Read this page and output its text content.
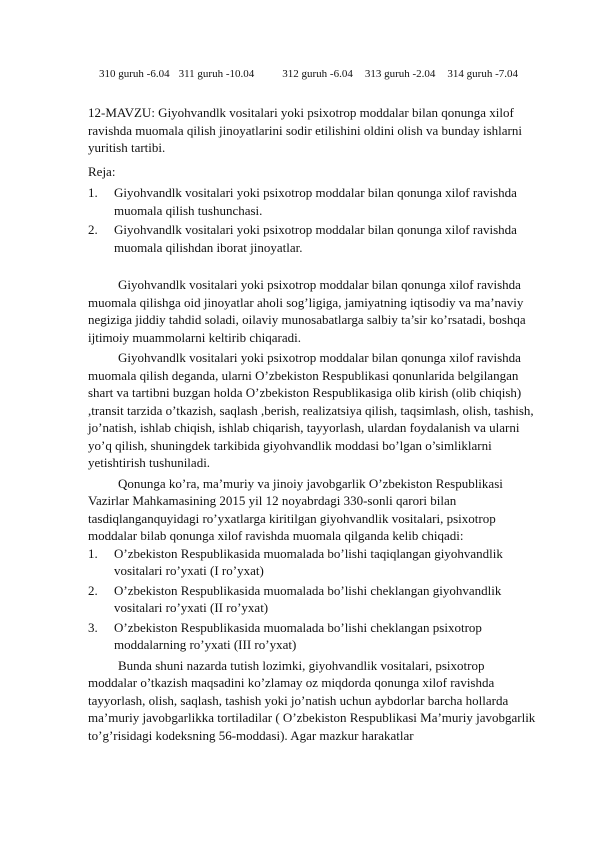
310 guruh -6.04 311 guruh -10.04	312 guruh -6.04 313 guruh -2.04 314 guruh -7.04

12-MAVZU: Giyohvandlk vositalari yoki psixotrop moddalar bilan qonunga xilof ravishda muomala qilish jinoyatlarini sodir etilishini oldini olish va bunday ishlarni yuritish tartibi.

Reja:

1. Giyohvandlk vositalari yoki psixotrop moddalar bilan qonunga xilof ravishda muomala qilish tushunchasi.
2. Giyohvandlk vositalari yoki psixotrop moddalar bilan qonunga xilof ravishda muomala qilishdan iborat jinoyatlar.

Giyohvandlk vositalari yoki psixotrop moddalar bilan qonunga xilof ravishda muomala qilishga oid jinoyatlar aholi sog’ligiga, jamiyatning iqtisodiy va ma’naviy negiziga jiddiy tahdid soladi, oilaviy munosabatlarga salbiy ta’sir ko’rsatadi, boshqa ijtimoiy muammolarni keltirib chiqaradi.

Giyohvandlk vositalari yoki psixotrop moddalar bilan qonunga xilof ravishda muomala qilish deganda, ularni O’zbekiston Respublikasi qonunlarida belgilangan shart va tartibni buzgan holda O’zbekiston Respublikasiga olib kirish (olib chiqish) ,transit tarzida o’tkazish, saqlash ,berish, realizatsiya qilish, taqsimlash, olish, tashish, jo’natish, ishlab chiqish, ishlab chiqarish, tayyorlash, ulardan foydalanish va ularni yo’q qilish, shuningdek tarkibida giyohvandlik moddasi bo’lgan o’simliklarni yetishtirish tushuniladi.

Qonunga ko’ra, ma’muriy va jinoiy javobgarlik O’zbekiston Respublikasi Vazirlar Mahkamasining 2015 yil 12 noyabrdagi 330-sonli qarori bilan tasdiqlanganquyidagi ro’yxatlarga kiritilgan giyohvandlik vositalari, psixotrop moddalar bilab qonunga xilof ravishda muomala qilganda kelib chiqadi:

1. O’zbekiston Respublikasida muomalada bo’lishi taqiqlangan giyohvandlik vositalari ro’yxati (I ro’yxat)
2. O’zbekiston Respublikasida muomalada bo’lishi cheklangan giyohvandlik vositalari ro’yxati (II ro’yxat)
3. O’zbekiston Respublikasida muomalada bo’lishi cheklangan psixotrop moddalarning ro’yxati (III ro’yxat)

Bunda shuni nazarda tutish lozimki, giyohvandlik vositalari, psixotrop moddalar o’tkazish maqsadini ko’zlamay oz miqdorda qonunga xilof ravishda tayyorlash, olish, saqlash, tashish yoki jo’natish uchun aybdorlar barcha hollarda ma’muriy javobgarlikka tortiladilar ( O’zbekiston Respublikasi Ma’muriy javobgarlik to’g’risidagi kodeksning 56-moddasi). Agar mazkur harakatlar
